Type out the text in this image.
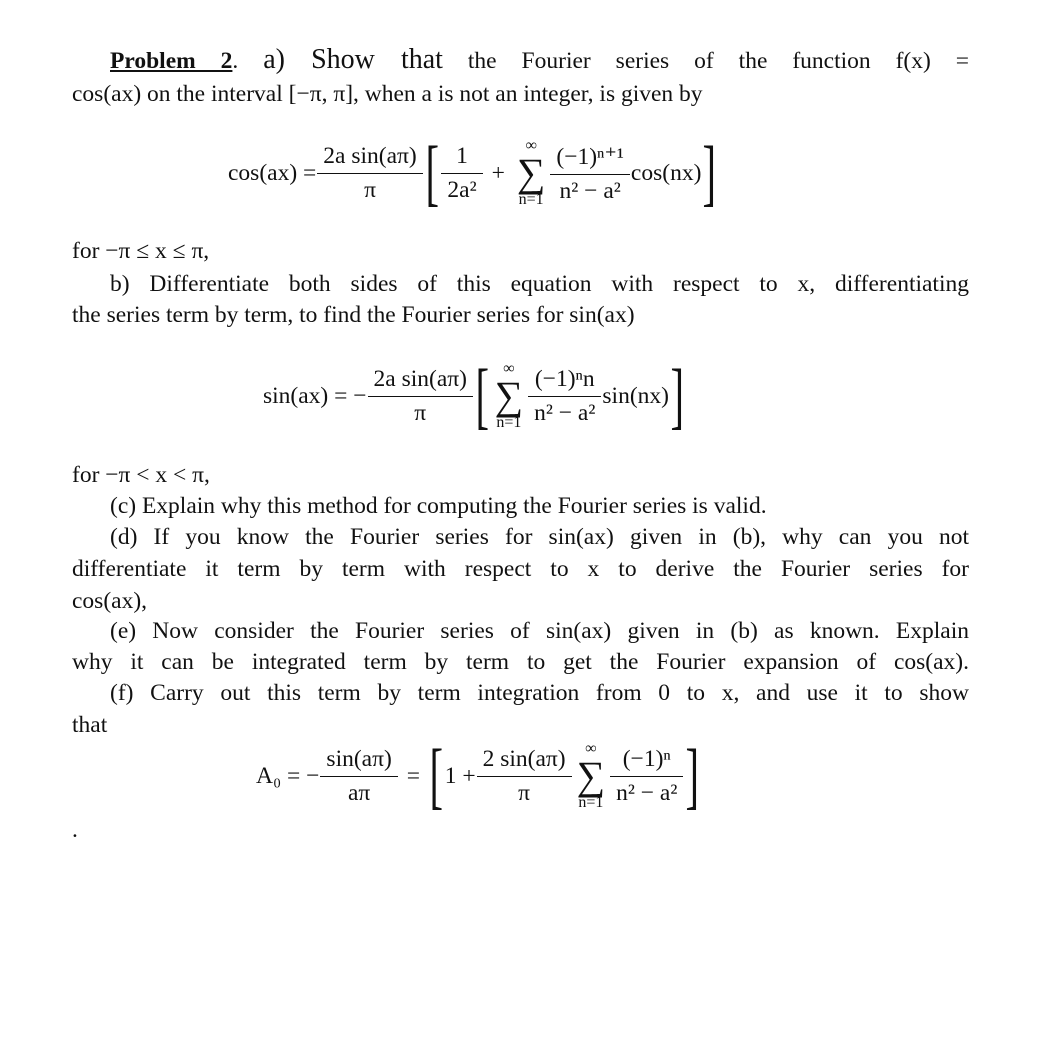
Problem 2. a) Show that the Fourier series of the function f(x) =
cos(ax) on the interval [−π, π], when a is not an integer, is given by
$\cos(ax) = \frac{\text{2a sin(aπ)}}{\pi}$ [ $\frac{1}{\text{2a²}}$ +
∞
∑
$n=1 \frac{\text{(−1)ⁿ⁺¹}}{\text{n² − a²}} \cos(nx)$ ]
for −π ≤ x ≤ π,
b) Differentiate both sides of this equation with respect to x, differentiating
the series term by term, to find the Fourier series for sin(ax)
sin(ax) = − $\frac{\text{2a sin(aπ)}}{\pi}$ [ ∞
∑
$n=1 \frac{\text{(−1)ⁿn}}{\text{n² − a²}} \sin(nx)$ ]
for −π < x < π,
(c) Explain why this method for computing the Fourier series is valid.
(d) If you know the Fourier series for sin(ax) given in (b), why can you not
differentiate it term by term with respect to x to derive the Fourier series for
cos(ax),
(e) Now consider the Fourier series of sin(ax) given in (b) as known. Explain
why it can be integrated term by term to get the Fourier expansion of cos(ax).
(f) Carry out this term by term integration from 0 to x, and use it to show
that
A₀ = − $\frac{\sin(a\pi)}{a\pi}$ = [ $1 + \frac{2 \sin(a\pi)}{\pi}$ ∞
∑
$n=1 \frac{\text{(−1)ⁿ}}{\text{n² − a²}}$ ]
.
